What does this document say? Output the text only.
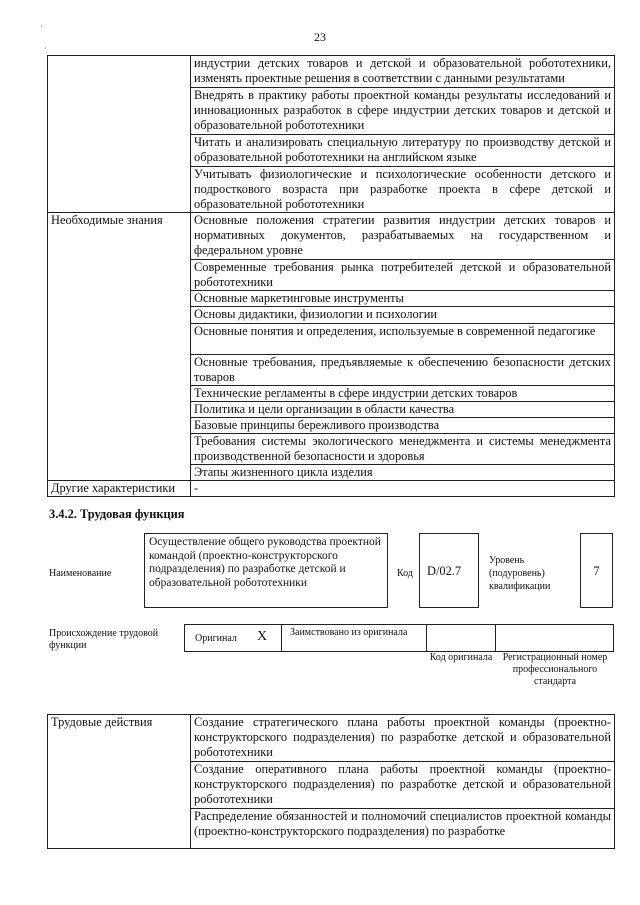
23
·
·
	индустрии детских товаров и детской и образовательной робототехники, изменять проектные решения в соответствии с данными результатами
	Внедрять в практику работы проектной команды результаты исследований и инновационных разработок в сфере индустрии детских товаров и детской и образовательной робототехники
	Читать и анализировать специальную литературу по производству детской и образовательной робототехники на английском языке
	Учитывать физиологические и психологические особенности детского и подросткового возраста при разработке проекта в сфере детской и образовательной робототехники
Необходимые знания	Основные положения стратегии развития индустрии детских товаров и нормативных документов, разрабатываемых на государственном и федеральном уровне
	Современные требования рынка потребителей детской и образовательной робототехники
	Основные маркетинговые инструменты
	Основы дидактики, физиологии и психологии
	Основные понятия и определения, используемые в современной педагогике
	Основные требования, предъявляемые к обеспечению безопасности детских товаров
	Технические регламенты в сфере индустрии детских товаров
	Политика и цели организации в области качества
	Базовые принципы бережливого производства
	Требования системы экологического менеджмента и системы менеджмента производственной безопасности и здоровья
	Этапы жизненного цикла изделия
Другие характеристики	-
3.4.2. Трудовая функция
Наименование
Осуществление общего руководства проектной командой (проектно-конструкторского подразделения) по разработке детской и образовательной робототехники
Код	D/02.7
Уровень (подуровень) квалификации
7
Происхождение трудовой функции
Оригинал X	Заимствовано из оригинала
Код оригинала	Регистрационный номер профессионального стандарта
Трудовые действия	Создание стратегического плана работы проектной команды (проектно-конструкторского подразделения) по разработке детской и образовательной робототехники
Создание оперативного плана работы проектной команды (проектно-конструкторского подразделения) по разработке детской и образовательной робототехники
Распределение обязанностей и полномочий специалистов проектной команды (проектно-конструкторского подразделения) по разработке
